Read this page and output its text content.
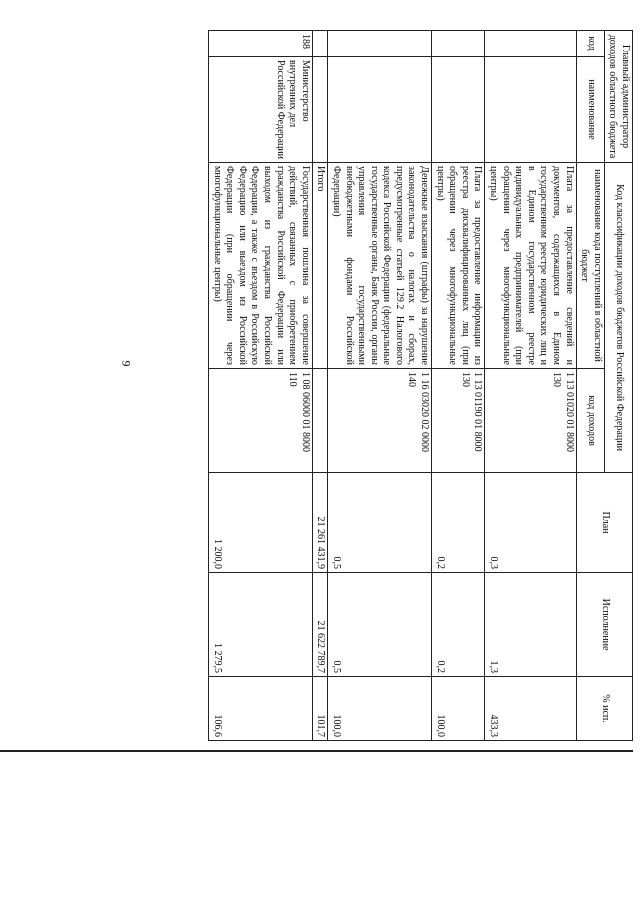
9
Главный администратор доходов областного бюджета		Код классификации доходов бюджетов Российской Федерации		План	Исполнение	% исп.
код	наименование	наименование кода поступлений в областной бюджет	код доходов			
		Плата за предоставление сведений и документов, содержащихся в Едином государственном реестре юридических лиц и в Едином государственном реестре индивидуальных предпринимателей (при обращении через многофункциональные центры)	1 13 01020 01 8000 130	0,3	1,3	433,3
		Плата за предоставление информации из реестра дисквалифицированных лиц (при обращении через многофункциональные центры)	1 13 01190 01 8000 130	0,2	0,2	100,0
		Денежные взыскания (штрафы) за нарушение законодательства о налогах и сборах, предусмотренные статьей 129.2 Налогового кодекса Российской Федерации (федеральные государственные органы, Банк России, органы управления государственными внебюджетными фондами Российской Федерации)	1 16 03020 02 0000 140	0,5	0,5	100,0
		Итого		21 261 431,9	21 622 789,7	101,7
188	Министерство внутренних дел Российской Федерации	Государственная пошлина за совершение действий, связанных с приобретением гражданства Российской Федерации или выходом из гражданства Российской Федерации, а также с въездом в Российскую Федерацию или выездом из Российской Федерации (при обращении через многофункциональные центры)	1 08 06000 01 8000 110	1 200,0	1 279,5	106,6
